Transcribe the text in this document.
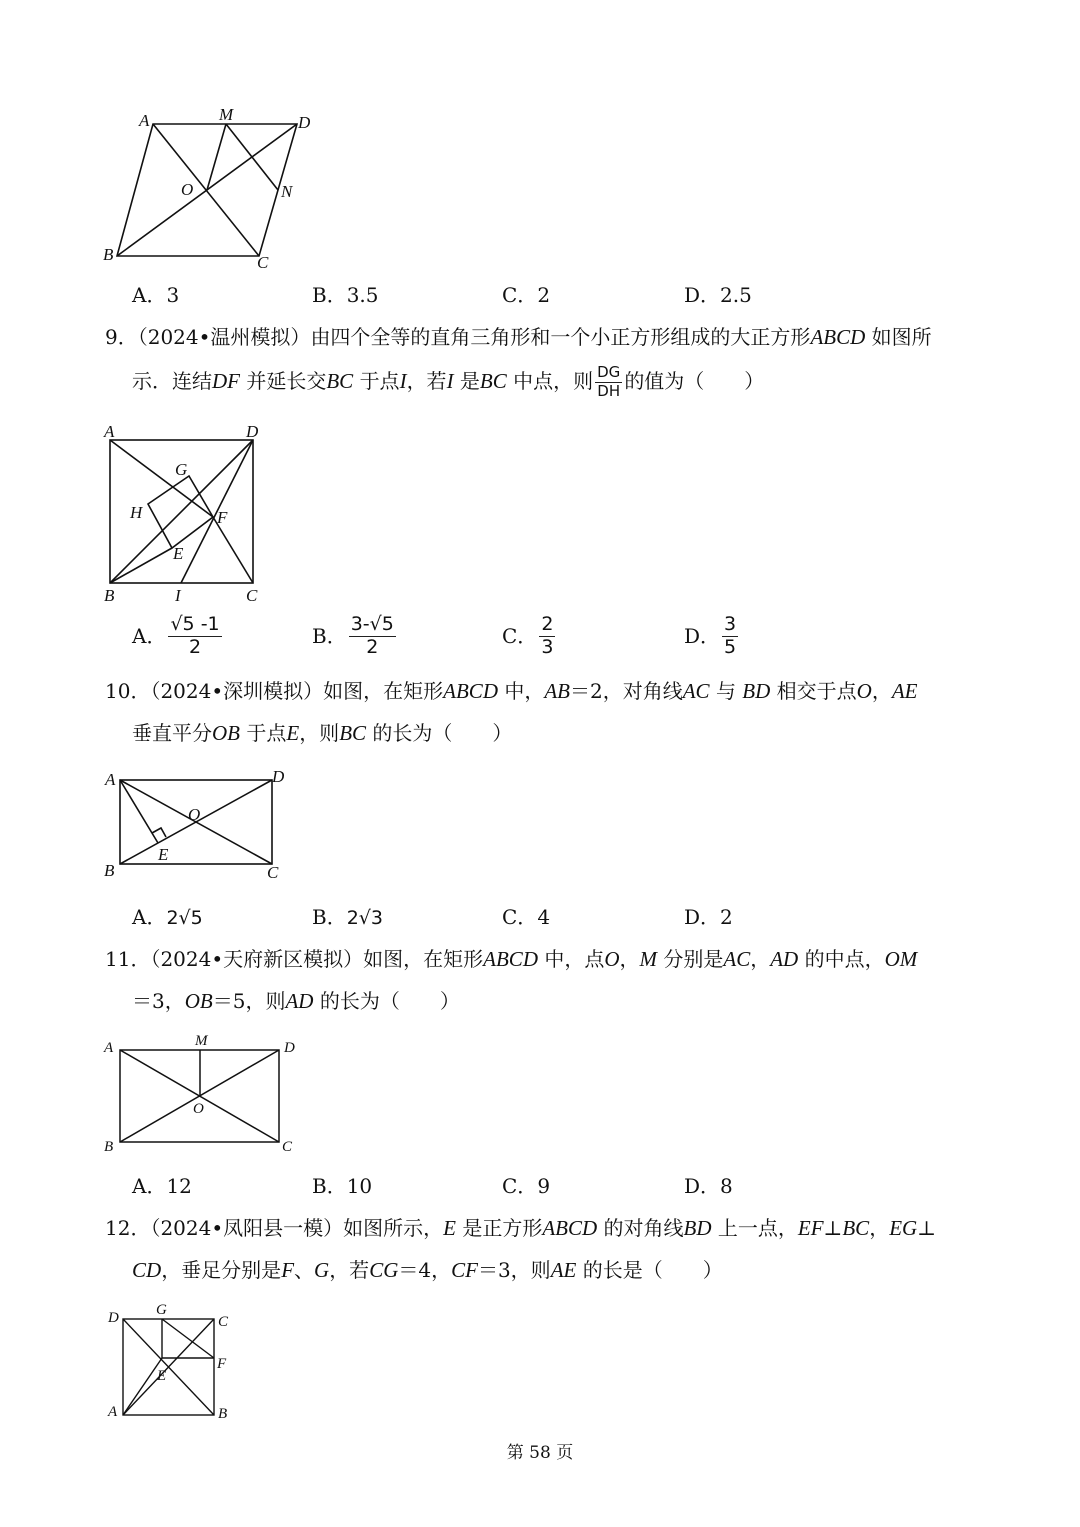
A	M	D
O	N
B	C
A．3	B．3.5	C．2	D．2.5
9．（2024•温州模拟）由四个全等的直角三角形和一个小正方形组成的大正方形ABCD 如图所
示．连结DF 并延长交BC 于点I，若I 是BC 中点，则 $\frac{DG}{DH}$ 的值为（　　）
A	D
G
H	F
E
B	I	C
A． $\frac{√5 -1}{2}$	B． $\frac{3-√5}{2}$	C． $\frac{2}{3}$	D． $\frac{3}{5}$
10．（2024•深圳模拟）如图，在矩形ABCD 中，AB＝2，对角线AC 与 BD 相交于点O，AE
垂直平分OB 于点E，则BC 的长为（　　）
A	D
O
E
B	C
A．2√5	B．2√3	C．4	D．2
11．（2024•天府新区模拟）如图，在矩形ABCD 中，点O，M 分别是AC，AD 的中点，OM
＝3，OB＝5，则AD 的长为（　　）
A	M	D
O
B	C
A．12	B．10	C．9	D．8
12．（2024•凤阳县一模）如图所示，E 是正方形ABCD 的对角线BD 上一点，EF⊥BC，EG⊥
CD，垂足分别是F、G，若CG＝4，CF＝3，则AE 的长是（　　）
D G
C
F
E
A	B
第 58 页
